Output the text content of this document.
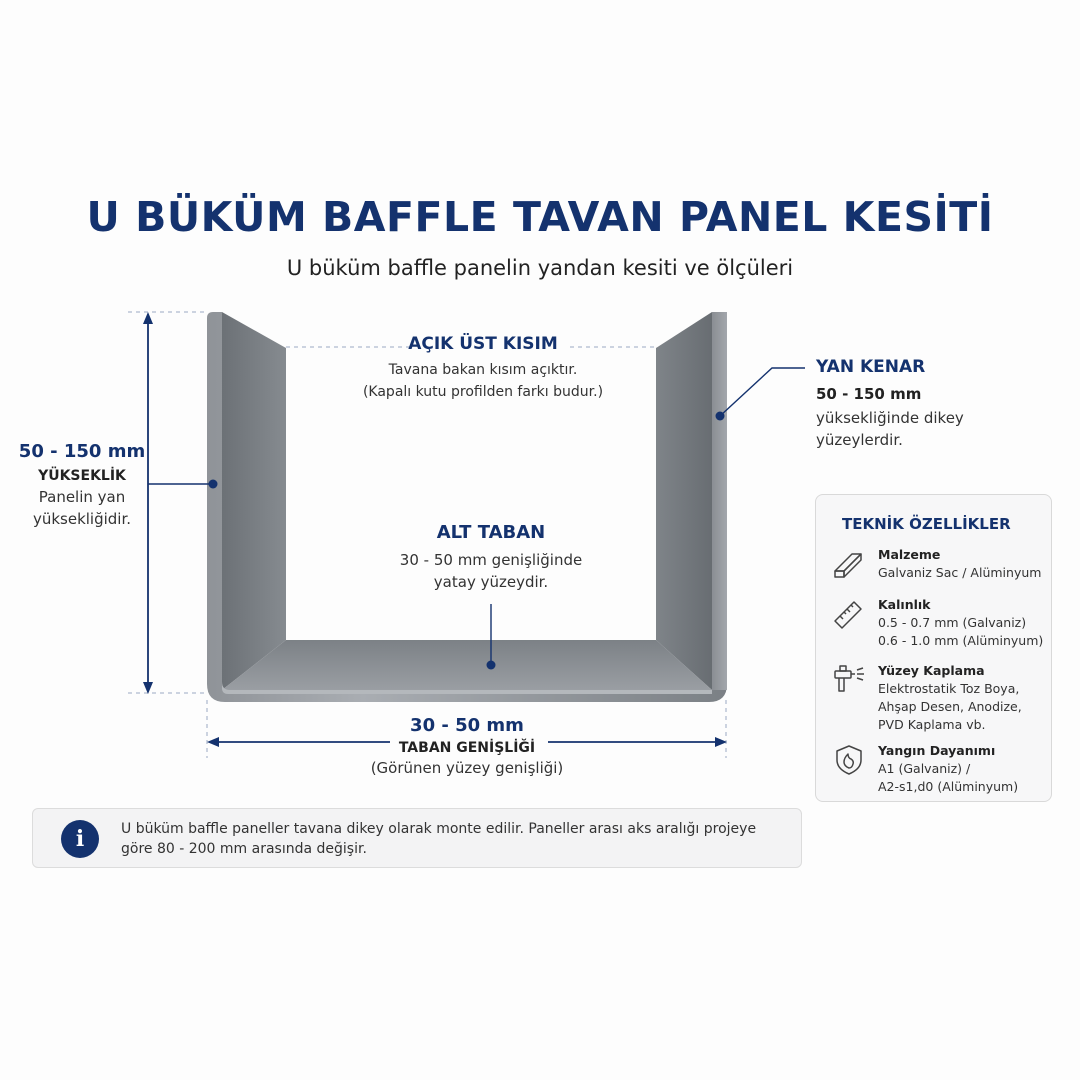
U BÜKÜM BAFFLE TAVAN PANEL KESİTİ
U büküm baffle panelin yandan kesiti ve ölçüleri
AÇIK ÜST KISIM
Tavana bakan kısım açıktır.
(Kapalı kutu profilden farkı budur.)
YAN KENAR
50 - 150 mm
yüksekliğinde dikey
yüzeylerdir.
50 - 150 mm
YÜKSEKLİK
Panelin yan
yüksekliğidir.
ALT TABAN
30 - 50 mm genişliğinde
yatay yüzeydir.
30 - 50 mm
TABAN GENİŞLİĞİ
(Görünen yüzey genişliği)
TEKNİK ÖZELLİKLER
Malzeme
Galvaniz Sac / Alüminyum
Kalınlık
0.5 - 0.7 mm (Galvaniz)
0.6 - 1.0 mm (Alüminyum)
Yüzey Kaplama
Elektrostatik Toz Boya,
Ahşap Desen, Anodize,
PVD Kaplama vb.
Yangın Dayanımı
A1 (Galvaniz) /
A2-s1,d0 (Alüminyum)
i	U büküm baffle paneller tavana dikey olarak monte edilir. Paneller arası aks aralığı projeye göre 80 - 200 mm arasında değişir.
